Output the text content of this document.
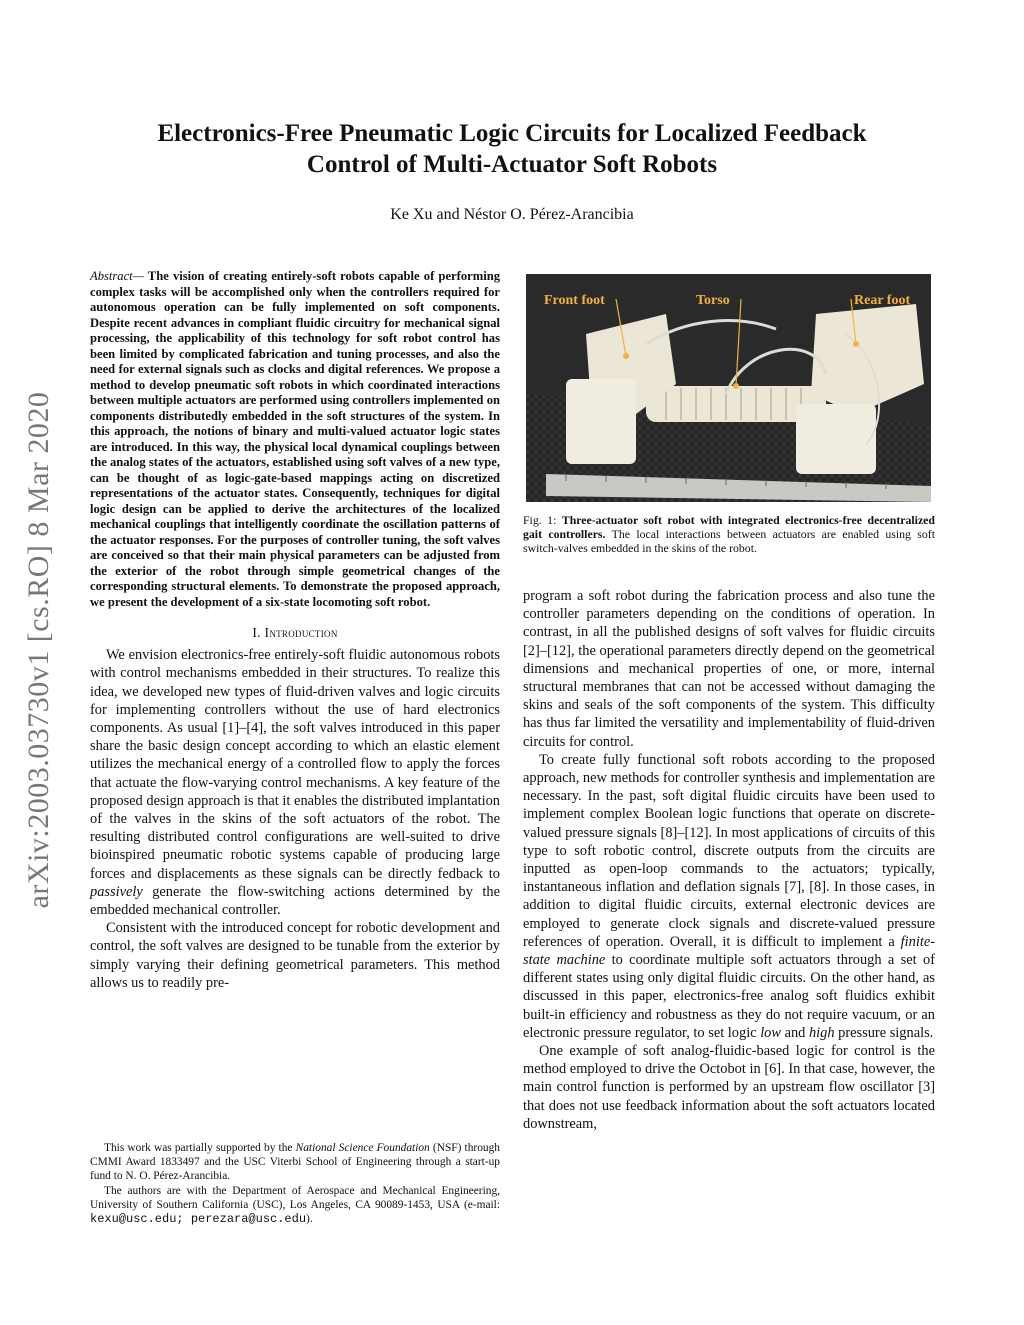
arXiv:2003.03730v1 [cs.RO] 8 Mar 2020
Electronics-Free Pneumatic Logic Circuits for Localized Feedback
Control of Multi-Actuator Soft Robots
Ke Xu and Néstor O. Pérez-Arancibia

Abstract— The vision of creating entirely-soft robots capable of performing complex tasks will be accomplished only when the controllers required for autonomous operation can be fully implemented on soft components. Despite recent advances in compliant fluidic circuitry for mechanical signal processing, the applicability of this technology for soft robot control has been limited by complicated fabrication and tuning processes, and also the need for external signals such as clocks and digital references. We propose a method to develop pneumatic soft robots in which coordinated interactions between multiple actuators are performed using controllers implemented on components distributedly embedded in the soft structures of the system. In this approach, the notions of binary and multi-valued actuator logic states are introduced. In this way, the physical local dynamical couplings between the analog states of the actuators, established using soft valves of a new type, can be thought of as logic-gate-based mappings acting on discretized representations of the actuator states. Consequently, techniques for digital logic design can be applied to derive the architectures of the localized mechanical couplings that intelligently coordinate the oscillation patterns of the actuator responses. For the purposes of controller tuning, the soft valves are conceived so that their main physical parameters can be adjusted from the exterior of the robot through simple geometrical changes of the corresponding structural elements. To demonstrate the proposed approach, we present the development of a six-state locomoting soft robot.

I. Introduction

We envision electronics-free entirely-soft fluidic autonomous robots with control mechanisms embedded in their structures. To realize this idea, we developed new types of fluid-driven valves and logic circuits for implementing controllers without the use of hard electronics components. As usual [1]–[4], the soft valves introduced in this paper share the basic design concept according to which an elastic element utilizes the mechanical energy of a controlled flow to apply the forces that actuate the flow-varying control mechanisms. A key feature of the proposed design approach is that it enables the distributed implantation of the valves in the skins of the soft actuators of the robot. The resulting distributed control configurations are well-suited to drive bioinspired pneumatic robotic systems capable of producing large forces and displacements as these signals can be directly fedback to passively generate the flow-switching actions determined by the embedded mechanical controller.

Consistent with the introduced concept for robotic development and control, the soft valves are designed to be tunable from the exterior by simply varying their defining geometrical parameters. This method allows us to readily pre-

This work was partially supported by the National Science Foundation (NSF) through CMMI Award 1833497 and the USC Viterbi School of Engineering through a start-up fund to N. O. Pérez-Arancibia.

The authors are with the Department of Aerospace and Mechanical Engineering, University of Southern California (USC), Los Angeles, CA 90089-1453, USA (e-mail: kexu@usc.edu; perezara@usc.edu).

Front foot	Torso	Rear foot

Fig. 1: Three-actuator soft robot with integrated electronics-free decentralized gait controllers. The local interactions between actuators are enabled using soft switch-valves embedded in the skins of the robot.

program a soft robot during the fabrication process and also tune the controller parameters depending on the conditions of operation. In contrast, in all the published designs of soft valves for fluidic circuits [2]–[12], the operational parameters directly depend on the geometrical dimensions and mechanical properties of one, or more, internal structural membranes that can not be accessed without damaging the skins and seals of the soft components of the system. This difficulty has thus far limited the versatility and implementability of fluid-driven circuits for control.

To create fully functional soft robots according to the proposed approach, new methods for controller synthesis and implementation are necessary. In the past, soft digital fluidic circuits have been used to implement complex Boolean logic functions that operate on discrete-valued pressure signals [8]–[12]. In most applications of circuits of this type to soft robotic control, discrete outputs from the circuits are inputted as open-loop commands to the actuators; typically, instantaneous inflation and deflation signals [7], [8]. In those cases, in addition to digital fluidic circuits, external electronic devices are employed to generate clock signals and discrete-valued pressure references of operation. Overall, it is difficult to implement a finite-state machine to coordinate multiple soft actuators through a set of different states using only digital fluidic circuits. On the other hand, as discussed in this paper, electronics-free analog soft fluidics exhibit built-in efficiency and robustness as they do not require vacuum, or an electronic pressure regulator, to set logic low and high pressure signals.

One example of soft analog-fluidic-based logic for control is the method employed to drive the Octobot in [6]. In that case, however, the main control function is performed by an upstream flow oscillator [3] that does not use feedback information about the soft actuators located downstream,
